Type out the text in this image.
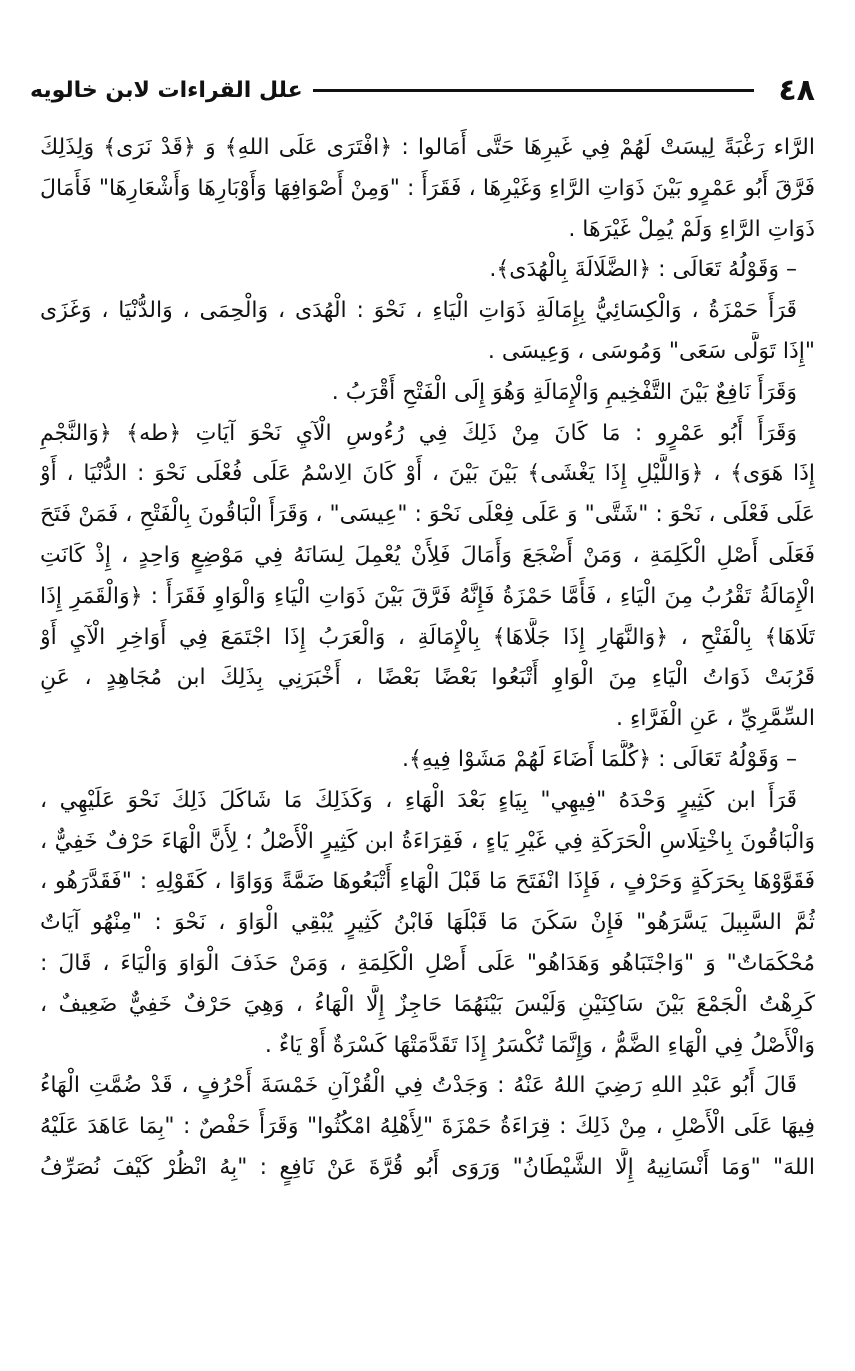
٤٨
علل القراءات لابن خالويه
الرَّاء رَغْبَةً لِيسَتْ لَهُمْ فِي غَيرِهَا حَتَّى أَمَالوا : ﴿افْتَرَى عَلَى اللهِ﴾ وَ ﴿قَدْ نَرَى﴾ وَلِذَلِكَ
فَرَّقَ أَبُو عَمْرٍو بَيْنَ ذَوَاتِ الرَّاءِ وَغَيْرِهَا ، فَقَرَأَ : "وَمِنْ أَصْوَافِهَا وَأَوْبَارِهَا وَأَشْعَارِهَا" فَأَمَالَ
ذَوَاتِ الرَّاءِ وَلَمْ يُمِلْ غَيْرَهَا .
– وَقَوْلُهُ تَعَالَى : ﴿الضَّلَالَةَ بِالْهُدَى﴾.
قَرَأَ حَمْزَةُ ، وَالْكِسَائِيُّ بِإِمَالَةِ ذَوَاتِ الْيَاءِ ، نَحْوَ : الْهُدَى ، وَالْحِمَى ، وَالدُّنْيَا ، وَغَزَى
"إِذَا تَوَلَّى سَعَى" وَمُوسَى ، وَعِيسَى .
وَقَرَأَ نَافِعٌ بَيْنَ التَّفْخِيمِ وَالْإِمَالَةِ وَهُوَ إِلَى الْفَتْحِ أَقْرَبُ .
وَقَرَأَ أَبُو عَمْرٍو : مَا كَانَ مِنْ ذَلِكَ فِي رُءُوسِ الْآيِ نَحْوَ آيَاتِ ﴿طه﴾ ﴿وَالنَّجْمِ
إِذَا هَوَى﴾ ، ﴿وَاللَّيْلِ إِذَا يَغْشَى﴾ بَيْنَ بَيْنَ ، أَوْ كَانَ الِاسْمُ عَلَى فُعْلَى نَحْوَ : الدُّنْيَا ، أَوْ
عَلَى فَعْلَى ، نَحْوَ : "شَتَّى" وَ عَلَى فِعْلَى نَحْوَ : "عِيسَى" ، وَقَرَأَ الْبَاقُونَ بِالْفَتْحِ ، فَمَنْ فَتَحَ
فَعَلَى أَصْلِ الْكَلِمَةِ ، وَمَنْ أَضْجَعَ وَأَمَالَ فَلِأَنْ يُعْمِلَ لِسَانَهُ فِي مَوْضِعٍ وَاحِدٍ ، إِذْ كَانَتِ
الْإِمَالَةُ تَقْرُبُ مِنَ الْيَاءِ ، فَأَمَّا حَمْزَةُ فَإِنَّهُ فَرَّقَ بَيْنَ ذَوَاتِ الْيَاءِ وَالْوَاوِ فَقَرَأَ : ﴿وَالْقَمَرِ إِذَا
تَلَاهَا﴾ بِالْفَتْحِ ، ﴿وَالنَّهَارِ إِذَا جَلَّاهَا﴾ بِالْإِمَالَةِ ، وَالْعَرَبُ إِذَا اجْتَمَعَ فِي أَوَاخِرِ الْآيِ أَوْ
قَرُبَتْ ذَوَاتُ الْيَاءِ مِنَ الْوَاوِ أَتْبَعُوا بَعْضًا بَعْضًا ، أَخْبَرَنِي بِذَلِكَ ابن مُجَاهِدٍ ، عَنِ
السِّمَّرِيِّ ، عَنِ الْفَرَّاءِ .
– وَقَوْلُهُ تَعَالَى : ﴿كُلَّمَا أَضَاءَ لَهُمْ مَشَوْا فِيهِ﴾.
قَرَأَ ابن كَثِيرٍ وَحْدَهُ "فِيهِي" بِيَاءٍ بَعْدَ الْهَاءِ ، وَكَذَلِكَ مَا شَاكَلَ ذَلِكَ نَحْوَ عَلَيْهِي ،
وَالْبَاقُونَ بِاخْتِلَاسِ الْحَرَكَةِ فِي غَيْرِ يَاءٍ ، فَقِرَاءَةُ ابن كَثِيرٍ الْأَصْلُ ؛ لِأَنَّ الْهَاءَ حَرْفٌ خَفِيٌّ ،
فَقَوَّوْهَا بِحَرَكَةٍ وَحَرْفٍ ، فَإِذَا انْفَتَحَ مَا قَبْلَ الْهَاءِ أَتْبَعُوهَا ضَمَّةً وَوَاوًا ، كَقَوْلِهِ : "فَقَدَّرَهُو ،
ثُمَّ السَّبِيلَ يَسَّرَهُو" فَإِنْ سَكَنَ مَا قَبْلَهَا فَابْنُ كَثِيرٍ يُبْقِي الْوَاوَ ، نَحْوَ : "مِنْهُو آيَاتٌ
مُحْكَمَاتٌ" وَ "وَاجْتَبَاهُو وَهَدَاهُو" عَلَى أَصْلِ الْكَلِمَةِ ، وَمَنْ حَذَفَ الْوَاوَ وَالْيَاءَ ، قَالَ :
كَرِهْتُ الْجَمْعَ بَيْنَ سَاكِنَيْنِ وَلَيْسَ بَيْنَهُمَا حَاجِزٌ إِلَّا الْهَاءُ ، وَهِيَ حَرْفٌ خَفِيٌّ ضَعِيفٌ ،
وَالْأَصْلُ فِي الْهَاءِ الضَّمُّ ، وَإِنَّمَا تُكْسَرُ إِذَا تَقَدَّمَتْهَا كَسْرَةٌ أَوْ يَاءٌ .
قَالَ أَبُو عَبْدِ اللهِ رَضِيَ اللهُ عَنْهُ : وَجَدْتُ فِي الْقُرْآنِ خَمْسَةَ أَحْرُفٍ ، قَدْ ضُمَّتِ الْهَاءُ
فِيهَا عَلَى الْأَصْلِ ، مِنْ ذَلِكَ : قِرَاءَةُ حَمْزَةَ "لِأَهْلِهُ امْكُثُوا" وَقَرَأَ حَفْصٌ : "بِمَا عَاهَدَ عَلَيْهُ
اللهَ" "وَمَا أَنْسَانِيهُ إِلَّا الشَّيْطَانُ" وَرَوَى أَبُو قُرَّةَ عَنْ نَافِعٍ : "بِهُ انْظُرْ كَيْفَ نُصَرِّفُ
